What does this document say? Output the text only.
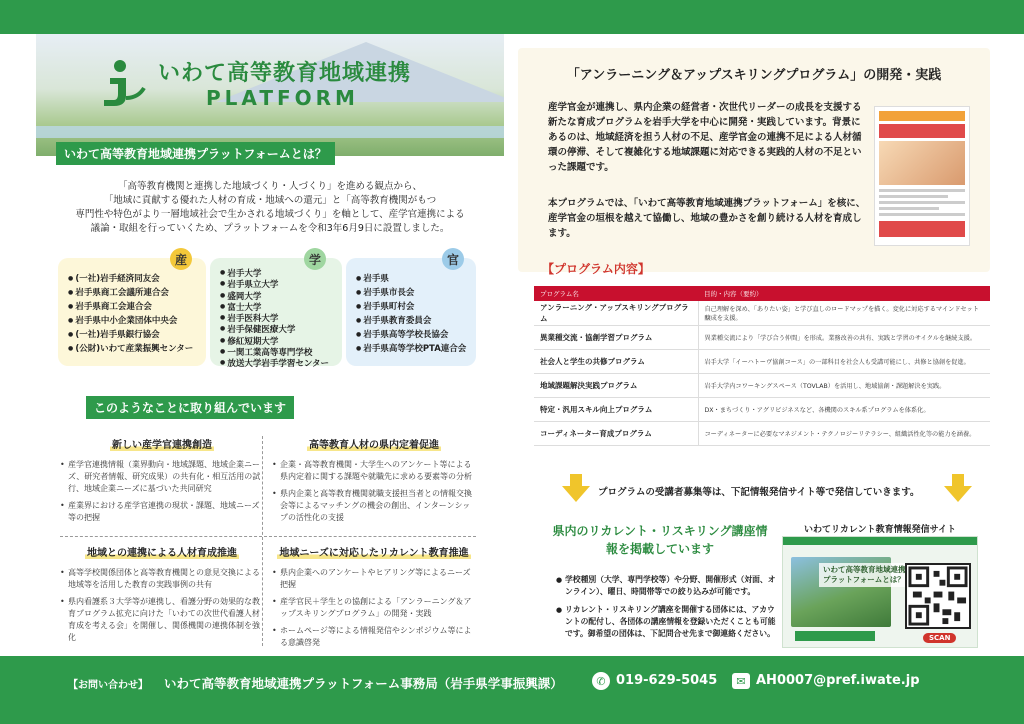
いわて高等教育地域連携
PLATFORM
いわて高等教育地域連携プラットフォームとは？
「高等教育機関と連携した地域づくり・人づくり」を進める観点から、
「地域に貢献する優れた人材の育成・地域への還元」と「高等教育機関がもつ
専門性や特色がより一層地域社会で生かされる地域づくり」を軸として、産学官連携による
議論・取組を行っていくため、プラットフォームを令和3年6月9日に設置しました。
産
● (一社)岩手経済同友会
● 岩手県商工会議所連合会
● 岩手県商工会連合会
● 岩手県中小企業団体中央会
● (一社)岩手県銀行協会
● (公財)いわて産業振興センター
学
● 岩手大学
● 岩手県立大学
● 盛岡大学
● 富士大学
● 岩手医科大学
● 岩手保健医療大学
● 修紅短期大学
● 一関工業高等専門学校
● 放送大学岩手学習センター
官
● 岩手県
● 岩手県市長会
● 岩手県町村会
● 岩手県教育委員会
● 岩手県高等学校長協会
● 岩手県高等学校PTA連合会
このようなことに取り組んでいます
新しい産学官連携創造
• 産学官連携情報（業界動向・地域課題、地域企業ニーズ、研究者情報、研究成果）の共有化・相互活用の試行、地域企業ニーズに基づいた共同研究
• 産業界における産学官連携の現状・課題、地域ニーズ等の把握
高等教育人材の県内定着促進
• 企業・高等教育機関・大学生へのアンケート等による県内定着に関する課題や就職先に求める要素等の分析
• 県内企業と高等教育機関就職支援担当者との情報交換会等によるマッチングの機会の創出、インターンシップの活性化の支援
地域との連携による人材育成推進
• 高等学校関係団体と高等教育機関との意見交換による地域等を活用した教育の実践事例の共有
• 県内看護系３大学等が連携し、看護分野の効果的な教育プログラム拡充に向けた「いわての次世代看護人材育成を考える会」を開催し、関係機関の連携体制を強化
地域ニーズに対応したリカレント教育推進
• 県内企業へのアンケートやヒアリング等によるニーズ把握
• 産学官民＋学生との協創による「アンラーニング＆アップスキリングプログラム」の開発・実践
• ホームページ等による情報発信やシンポジウム等による意識啓発
「アンラーニング＆アップスキリングプログラム」の開発・実践
産学官金が連携し、県内企業の経営者・次世代リーダーの成長を支援する新たな育成プログラムを岩手大学を中心に開発・実践しています。背景にあるのは、地域経済を担う人材の不足、産学官金の連携不足による人材循環の停滞、そして複雑化する地域課題に対応できる実践的人材の不足といった課題です。
本プログラムでは、「いわて高等教育地域連携プラットフォーム」を核に、産学官金の垣根を越えて協働し、地域の豊かさを創り続ける人材を育成します。
【プログラム内容】
プログラム名	目的・内容（要約）
アンラーニング・アップスキリングプログラム	自己理解を深め、「ありたい姿」と学び直しのロードマップを描く。変化に対応するマインドセット醸成を支援。
異業種交流・協創学習プログラム	異業種交流により「学び合う仲間」を形成。業務改善の共有、実践と学習のサイクルを継続支援。
社会人と学生の共修プログラム	岩手大学「イーハトーヴ協創コース」の一部科目を社会人も受講可能にし、共修と協創を促進。
地域課題解決実践プログラム	岩手大学内コワーキングスペース（TOVLAB）を活用し、地域協創・課題解決を実践。
特定・汎用スキル向上プログラム	DX・まちづくり・アグリビジネスなど、各機関のスキル系プログラムを体系化。
コーディネーター育成プログラム	コーディネーターに必要なマネジメント・テクノロジーリテラシー、組織活性化等の能力を涵養。
プログラムの受講者募集等は、下記情報発信サイト等で発信していきます。
県内のリカレント・リスキリング講座情報を掲載しています
● 学校種別（大学、専門学校等）や分野、開催形式（対面、オンライン）、曜日、時間帯等での絞り込みが可能です。
● リカレント・リスキリング講座を開催する団体には、アカウントの配付し、各団体の講座情報を登録いただくことも可能です。御希望の団体は、下記問合せ先まで御連絡ください。
いわてリカレント教育情報発信サイト
いわて高等教育地域連携プラットフォームとは？
SCAN
【お問い合わせ】 いわて高等教育地域連携プラットフォーム事務局（岩手県学事振興課）	✆ 019-629-5045	✉ AH0007@pref.iwate.jp
